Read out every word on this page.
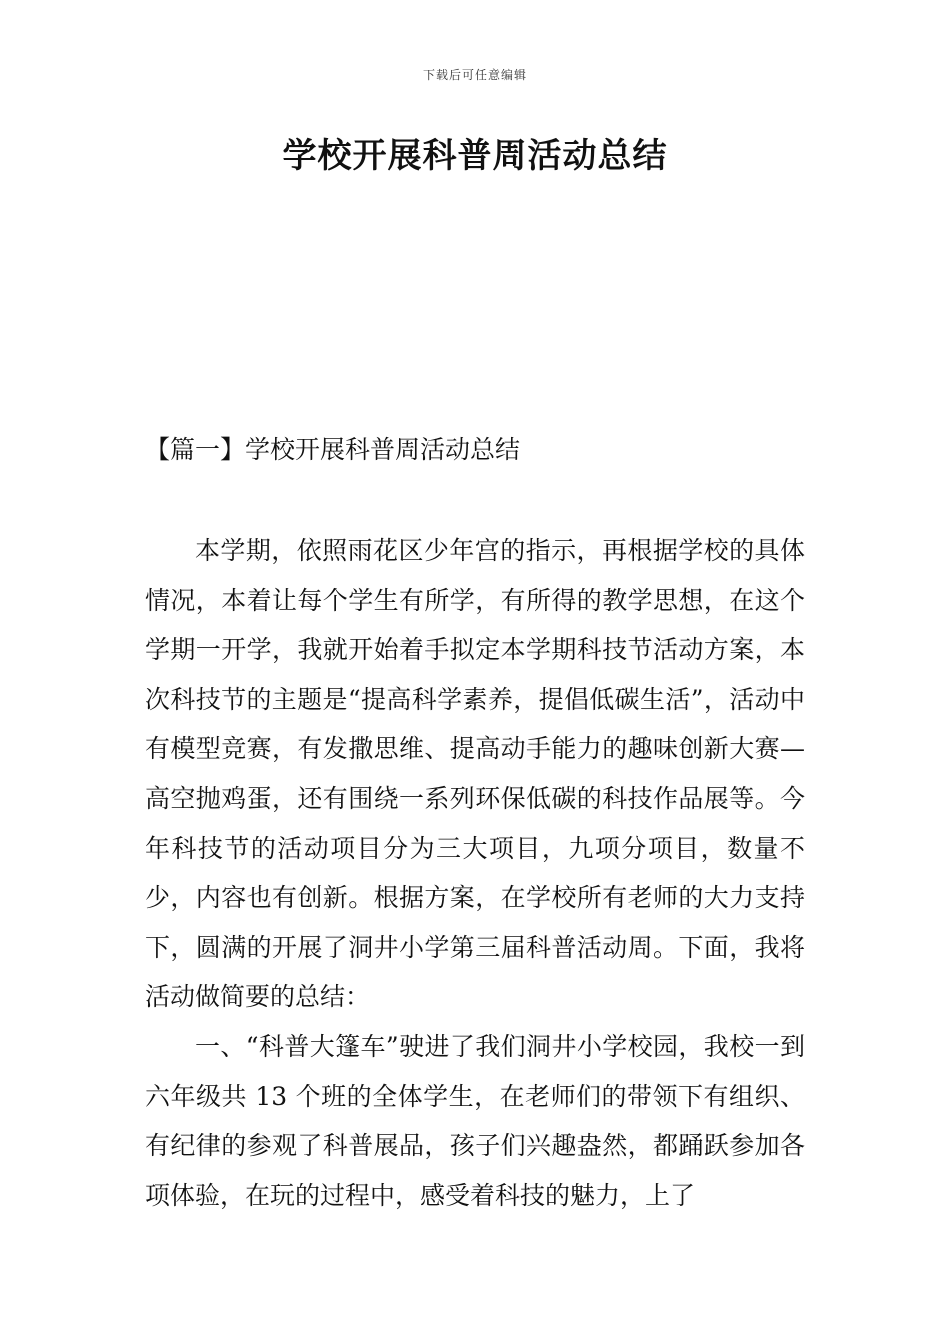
下载后可任意编辑
学校开展科普周活动总结
【篇一】学校开展科普周活动总结

本学期，依照雨花区少年宫的指示，再根据学校的具体情况，本着让每个学生有所学，有所得的教学思想，在这个学期一开学，我就开始着手拟定本学期科技节活动方案，本次科技节的主题是“提高科学素养，提倡低碳生活”，活动中有模型竞赛，有发撒思维、提高动手能力的趣味创新大赛—高空抛鸡蛋，还有围绕一系列环保低碳的科技作品展等。今年科技节的活动项目分为三大项目，九项分项目，数量不少，内容也有创新。根据方案，在学校所有老师的大力支持下，圆满的开展了洞井小学第三届科普活动周。下面，我将活动做简要的总结：

一、“科普大篷车”驶进了我们洞井小学校园，我校一到六年级共 13 个班的全体学生，在老师们的带领下有组织、有纪律的参观了科普展品，孩子们兴趣盎然，都踊跃参加各项体验，在玩的过程中，感受着科技的魅力，上了
